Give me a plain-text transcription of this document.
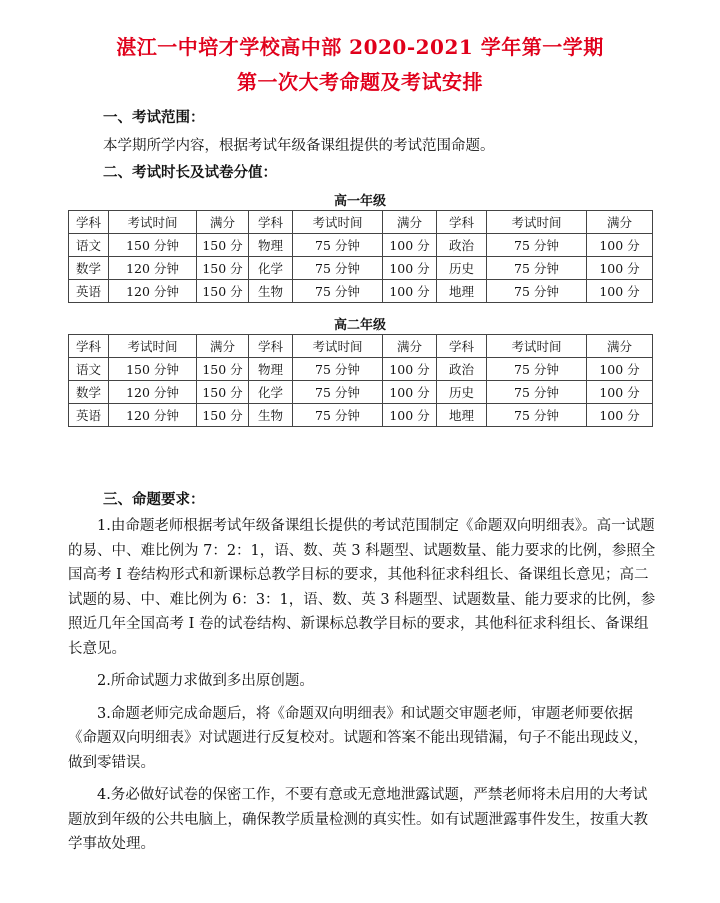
湛江一中培才学校高中部 2020-2021 学年第一学期
第一次大考命题及考试安排
一、考试范围：
本学期所学内容，根据考试年级备课组提供的考试范围命题。
二、考试时长及试卷分值：
高一年级
学科	考试时间	满分	学科	考试时间	满分	学科	考试时间	满分
语文	150 分钟	150 分	物理	75 分钟	100 分	政治	75 分钟	100 分
数学	120 分钟	150 分	化学	75 分钟	100 分	历史	75 分钟	100 分
英语	120 分钟	150 分	生物	75 分钟	100 分	地理	75 分钟	100 分
高二年级
学科	考试时间	满分	学科	考试时间	满分	学科	考试时间	满分
语文	150 分钟	150 分	物理	75 分钟	100 分	政治	75 分钟	100 分
数学	120 分钟	150 分	化学	75 分钟	100 分	历史	75 分钟	100 分
英语	120 分钟	150 分	生物	75 分钟	100 分	地理	75 分钟	100 分
三、命题要求：

1.由命题老师根据考试年级备课组长提供的考试范围制定《命题双向明细表》。高一试题的易、中、难比例为 7：2：1，语、数、英 3 科题型、试题数量、能力要求的比例，参照全国高考 I 卷结构形式和新课标总教学目标的要求，其他科征求科组长、备课组长意见；高二试题的易、中、难比例为 6：3：1，语、数、英 3 科题型、试题数量、能力要求的比例，参照近几年全国高考 I 卷的试卷结构、新课标总教学目标的要求，其他科征求科组长、备课组长意见。

2.所命试题力求做到多出原创题。

3.命题老师完成命题后，将《命题双向明细表》和试题交审题老师，审题老师要依据《命题双向明细表》对试题进行反复校对。试题和答案不能出现错漏，句子不能出现歧义，做到零错误。

4.务必做好试卷的保密工作，不要有意或无意地泄露试题，严禁老师将未启用的大考试题放到年级的公共电脑上，确保教学质量检测的真实性。如有试题泄露事件发生，按重大教学事故处理。
